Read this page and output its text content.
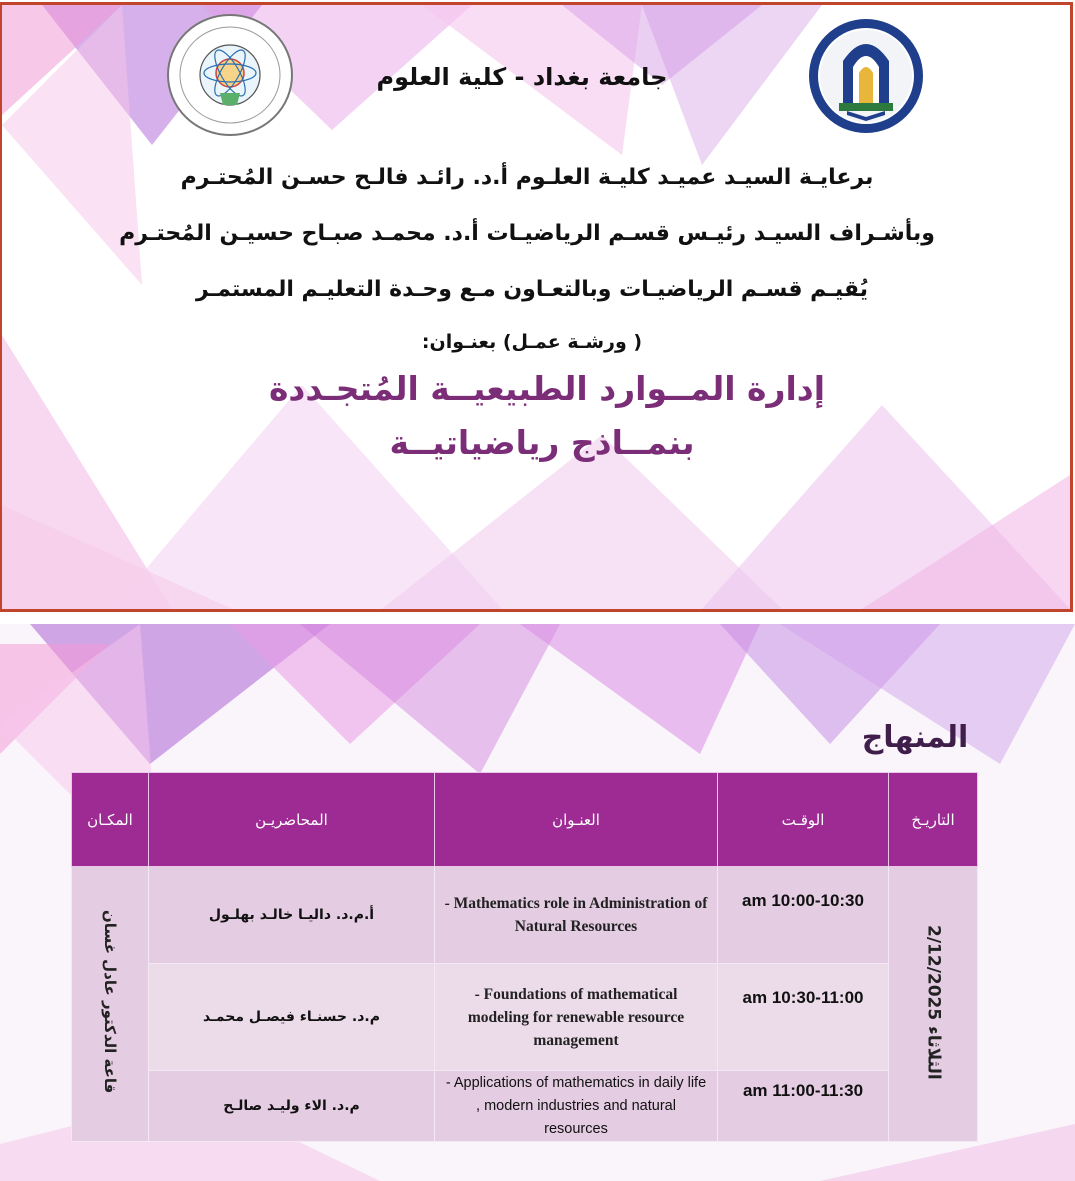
جامعة بغداد - كلية العلوم
برعايـة السيـد عميـد كليـة العلـوم أ.د. رائـد فالـح حسـن المُحتـرم
وبأشـراف السيـد رئيـس قسـم الرياضيـات أ.د. محمـد صبـاح حسيـن المُحتـرم
يُقيـم قسـم الرياضيـات وبالتعـاون مـع وحـدة التعليـم المستمـر
( ورشـة عمـل) بعنـوان:
إدارة المــوارد الطبيعيــة المُتجـددة
بنمــاذج رياضياتيــة
المنهاج
التاريـخ	الوقـت	العنـوان	المحاضريـن	المكـان
الثلاثاء 2/12/2025	10:00-10:30 am	- Mathematics role in Administration of Natural Resources	أ.م.د. داليـا خالـد بهلـول	قاعة الدكتور عادل غسان
	10:30-11:00 am	- Foundations of mathematical modeling for renewable resource management	م.د. حسنـاء فيصـل محمـد	
	11:00-11:30 am	- Applications of mathematics in daily life , modern industries and natural resources	م.د. الاء وليـد صالـح	
